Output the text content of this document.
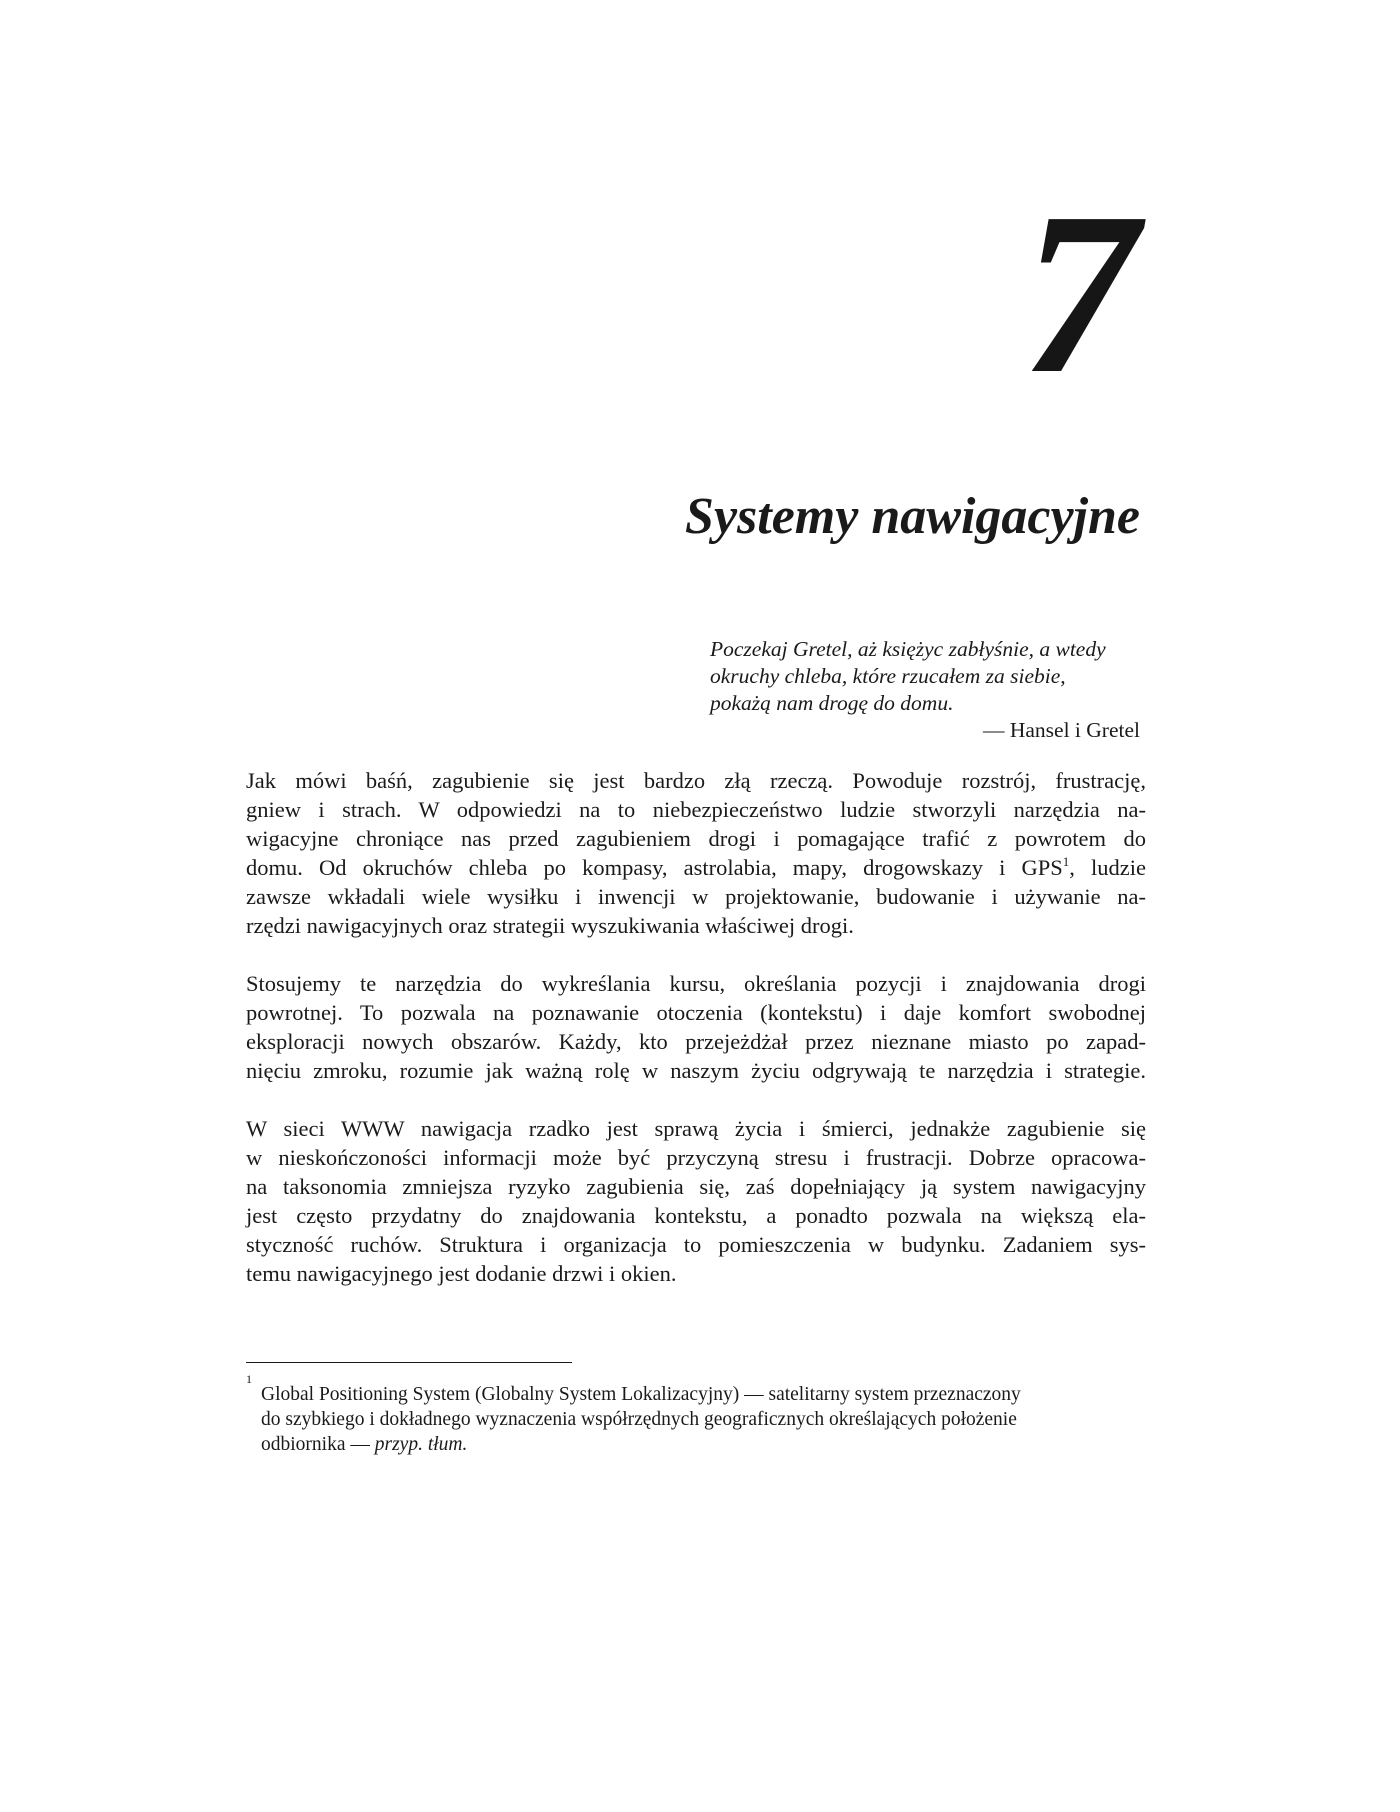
7
Systemy nawigacyjne

Poczekaj Gretel, aż księżyc zabłyśnie, a wtedy

okruchy chleba, które rzucałem za siebie,

pokażą nam drogę do domu.

— Hansel i Gretel

Jak mówi baśń, zagubienie się jest bardzo złą rzeczą. Powoduje rozstrój, frustrację,
gniew i strach. W odpowiedzi na to niebezpieczeństwo ludzie stworzyli narzędzia na-
wigacyjne chroniące nas przed zagubieniem drogi i pomagające trafić z powrotem do
domu. Od okruchów chleba po kompasy, astrolabia, mapy, drogowskazy i GPS$^1$, ludzie
zawsze wkładali wiele wysiłku i inwencji w projektowanie, budowanie i używanie na-
rzędzi nawigacyjnych oraz strategii wyszukiwania właściwej drogi.

Stosujemy te narzędzia do wykreślania kursu, określania pozycji i znajdowania drogi
powrotnej. To pozwala na poznawanie otoczenia (kontekstu) i daje komfort swobodnej
eksploracji nowych obszarów. Każdy, kto przejeżdżał przez nieznane miasto po zapad-
nięciu zmroku, rozumie jak ważną rolę w naszym życiu odgrywają te narzędzia i strategie.

W sieci WWW nawigacja rzadko jest sprawą życia i śmierci, jednakże zagubienie się
w nieskończoności informacji może być przyczyną stresu i frustracji. Dobrze opracowa-
na taksonomia zmniejsza ryzyko zagubienia się, zaś dopełniający ją system nawigacyjny
jest często przydatny do znajdowania kontekstu, a ponadto pozwala na większą ela-
styczność ruchów. Struktura i organizacja to pomieszczenia w budynku. Zadaniem sys-
temu nawigacyjnego jest dodanie drzwi i okien.

1
Global Positioning System (Globalny System Lokalizacyjny) — satelitarny system przeznaczony
do szybkiego i dokładnego wyznaczenia współrzędnych geograficznych określających położenie
odbiornika — przyp. tłum.
